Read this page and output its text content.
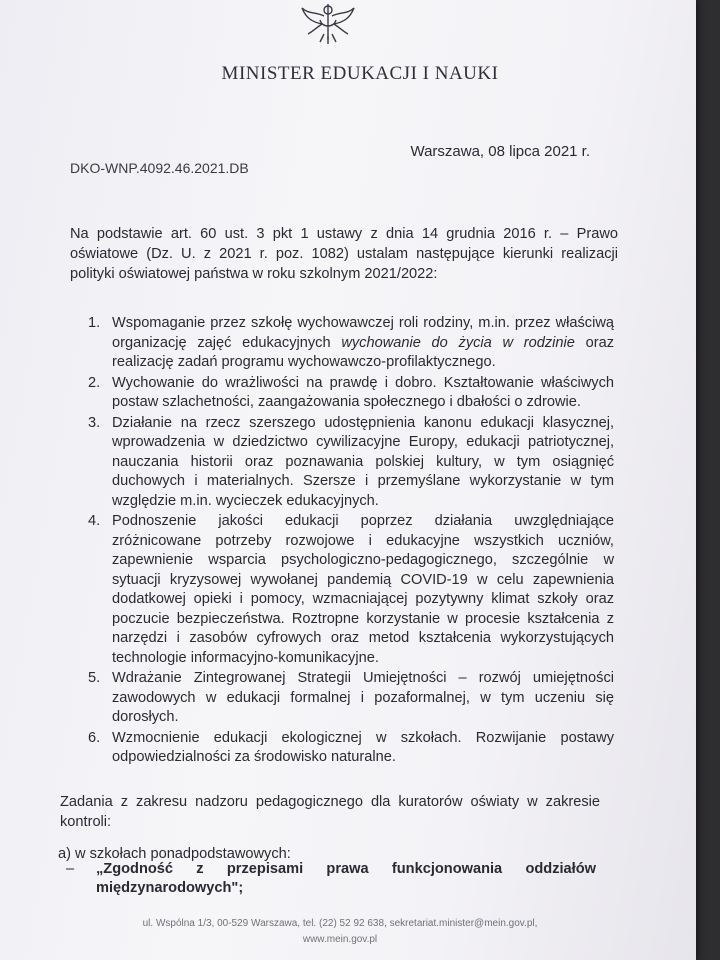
MINISTER EDUKACJI I NAUKI
Warszawa, 08 lipca 2021 r.
DKO-WNP.4092.46.2021.DB
Na podstawie art. 60 ust. 3 pkt 1 ustawy z dnia 14 grudnia 2016 r. – Prawo oświatowe (Dz. U. z 2021 r. poz. 1082) ustalam następujące kierunki realizacji polityki oświatowej państwa w roku szkolnym 2021/2022:
1. Wspomaganie przez szkołę wychowawczej roli rodziny, m.in. przez właściwą organizację zajęć edukacyjnych wychowanie do życia w rodzinie oraz realizację zadań programu wychowawczo-profilaktycznego.
2. Wychowanie do wrażliwości na prawdę i dobro. Kształtowanie właściwych postaw szlachetności, zaangażowania społecznego i dbałości o zdrowie.
3. Działanie na rzecz szerszego udostępnienia kanonu edukacji klasycznej, wprowadzenia w dziedzictwo cywilizacyjne Europy, edukacji patriotycznej, nauczania historii oraz poznawania polskiej kultury, w tym osiągnięć duchowych i materialnych. Szersze i przemyślane wykorzystanie w tym względzie m.in. wycieczek edukacyjnych.
4. Podnoszenie jakości edukacji poprzez działania uwzględniające zróżnicowane potrzeby rozwojowe i edukacyjne wszystkich uczniów, zapewnienie wsparcia psychologiczno-pedagogicznego, szczególnie w sytuacji kryzysowej wywołanej pandemią COVID-19 w celu zapewnienia dodatkowej opieki i pomocy, wzmacniającej pozytywny klimat szkoły oraz poczucie bezpieczeństwa. Roztropne korzystanie w procesie kształcenia z narzędzi i zasobów cyfrowych oraz metod kształcenia wykorzystujących technologie informacyjno-komunikacyjne.
5. Wdrażanie Zintegrowanej Strategii Umiejętności – rozwój umiejętności zawodowych w edukacji formalnej i pozaformalnej, w tym uczeniu się dorosłych.
6. Wzmocnienie edukacji ekologicznej w szkołach. Rozwijanie postawy odpowiedzialności za środowisko naturalne.
Zadania z zakresu nadzoru pedagogicznego dla kuratorów oświaty w zakresie kontroli:
a) w szkołach ponadpodstawowych:
–	„Zgodność z przepisami prawa funkcjonowania oddziałów międzynarodowych";
ul. Wspólna 1/3, 00-529 Warszawa, tel. (22) 52 92 638, sekretariat.minister@mein.gov.pl,
www.mein.gov.pl
